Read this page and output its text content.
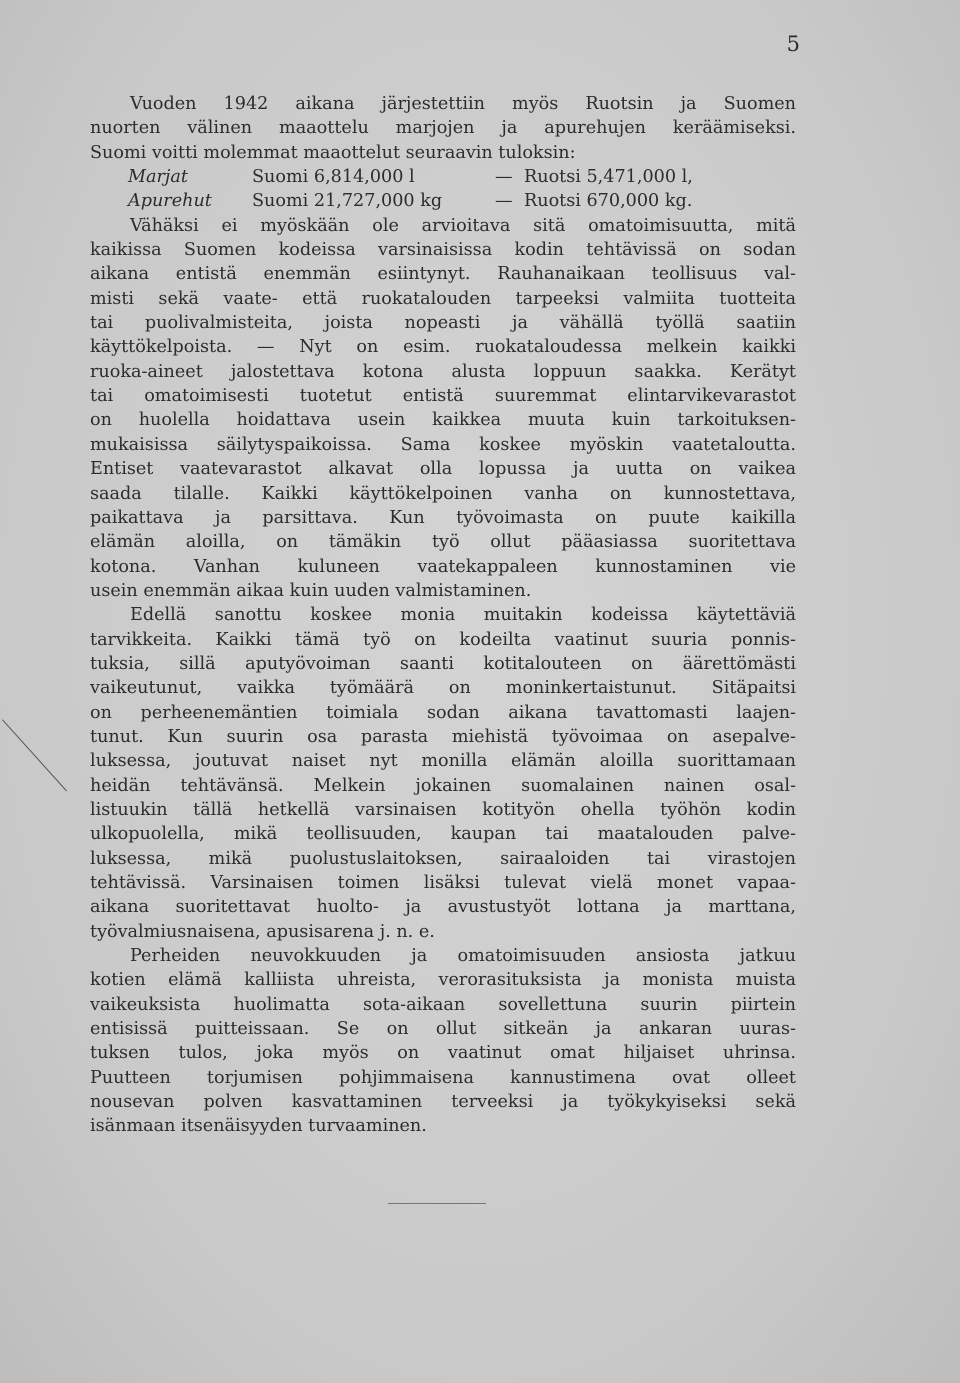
5
Vuoden 1942 aikana järjestettiin myös Ruotsin ja Suomen
nuorten välinen maaottelu marjojen ja apurehujen keräämiseksi.
Suomi voitti molemmat maaottelut seuraavin tuloksin:
Marjat	Suomi 6,814,000 l	— Ruotsi 5,471,000 l,
Apurehut Suomi 21,727,000 kg	— Ruotsi 670,000 kg.
Vähäksi ei myöskään ole arvioitava sitä omatoimisuutta, mitä
kaikissa Suomen kodeissa varsinaisissa kodin tehtävissä on sodan
aikana entistä enemmän esiintynyt. Rauhanaikaan teollisuus val-
misti sekä vaate- että ruokatalouden tarpeeksi valmiita tuotteita
tai puolivalmisteita, joista nopeasti ja vähällä työllä saatiin
käyttökelpoista. — Nyt on esim. ruokataloudessa melkein kaikki
ruoka-aineet jalostettava kotona alusta loppuun saakka. Kerätyt
tai omatoimisesti tuotetut entistä suuremmat elintarvikevarastot
on huolella hoidattava usein kaikkea muuta kuin tarkoituksen-
mukaisissa säilytyspaikoissa. Sama koskee myöskin vaatetaloutta.
Entiset vaatevarastot alkavat olla lopussa ja uutta on vaikea
saada tilalle. Kaikki käyttökelpoinen vanha on kunnostettava,
paikattava ja parsittava. Kun työvoimasta on puute kaikilla
elämän aloilla, on tämäkin työ ollut pääasiassa suoritettava
kotona. Vanhan kuluneen vaatekappaleen kunnostaminen vie
usein enemmän aikaa kuin uuden valmistaminen.
Edellä sanottu koskee monia muitakin kodeissa käytettäviä
tarvikkeita. Kaikki tämä työ on kodeilta vaatinut suuria ponnis-
tuksia, sillä aputyövoiman saanti kotitalouteen on äärettömästi
vaikeutunut, vaikka työmäärä on moninkertaistunut. Sitäpaitsi
on perheenemäntien toimiala sodan aikana tavattomasti laajen-
tunut. Kun suurin osa parasta miehistä työvoimaa on asepalve-
luksessa, joutuvat naiset nyt monilla elämän aloilla suorittamaan
heidän tehtävänsä. Melkein jokainen suomalainen nainen osal-
listuukin tällä hetkellä varsinaisen kotityön ohella työhön kodin
ulkopuolella, mikä teollisuuden, kaupan tai maatalouden palve-
luksessa, mikä puolustuslaitoksen, sairaaloiden tai virastojen
tehtävissä. Varsinaisen toimen lisäksi tulevat vielä monet vapaa-
aikana suoritettavat huolto- ja avustustyöt lottana ja marttana,
työvalmiusnaisena, apusisarena j. n. e.
Perheiden neuvokkuuden ja omatoimisuuden ansiosta jatkuu
kotien elämä kalliista uhreista, verorasituksista ja monista muista
vaikeuksista huolimatta sota-aikaan sovellettuna suurin piirtein
entisissä puitteissaan. Se on ollut sitkeän ja ankaran uuras-
tuksen tulos, joka myös on vaatinut omat hiljaiset uhrinsa.
Puutteen torjumisen pohjimmaisena kannustimena ovat olleet
nousevan polven kasvattaminen terveeksi ja työkykyiseksi sekä
isänmaan itsenäisyyden turvaaminen.
